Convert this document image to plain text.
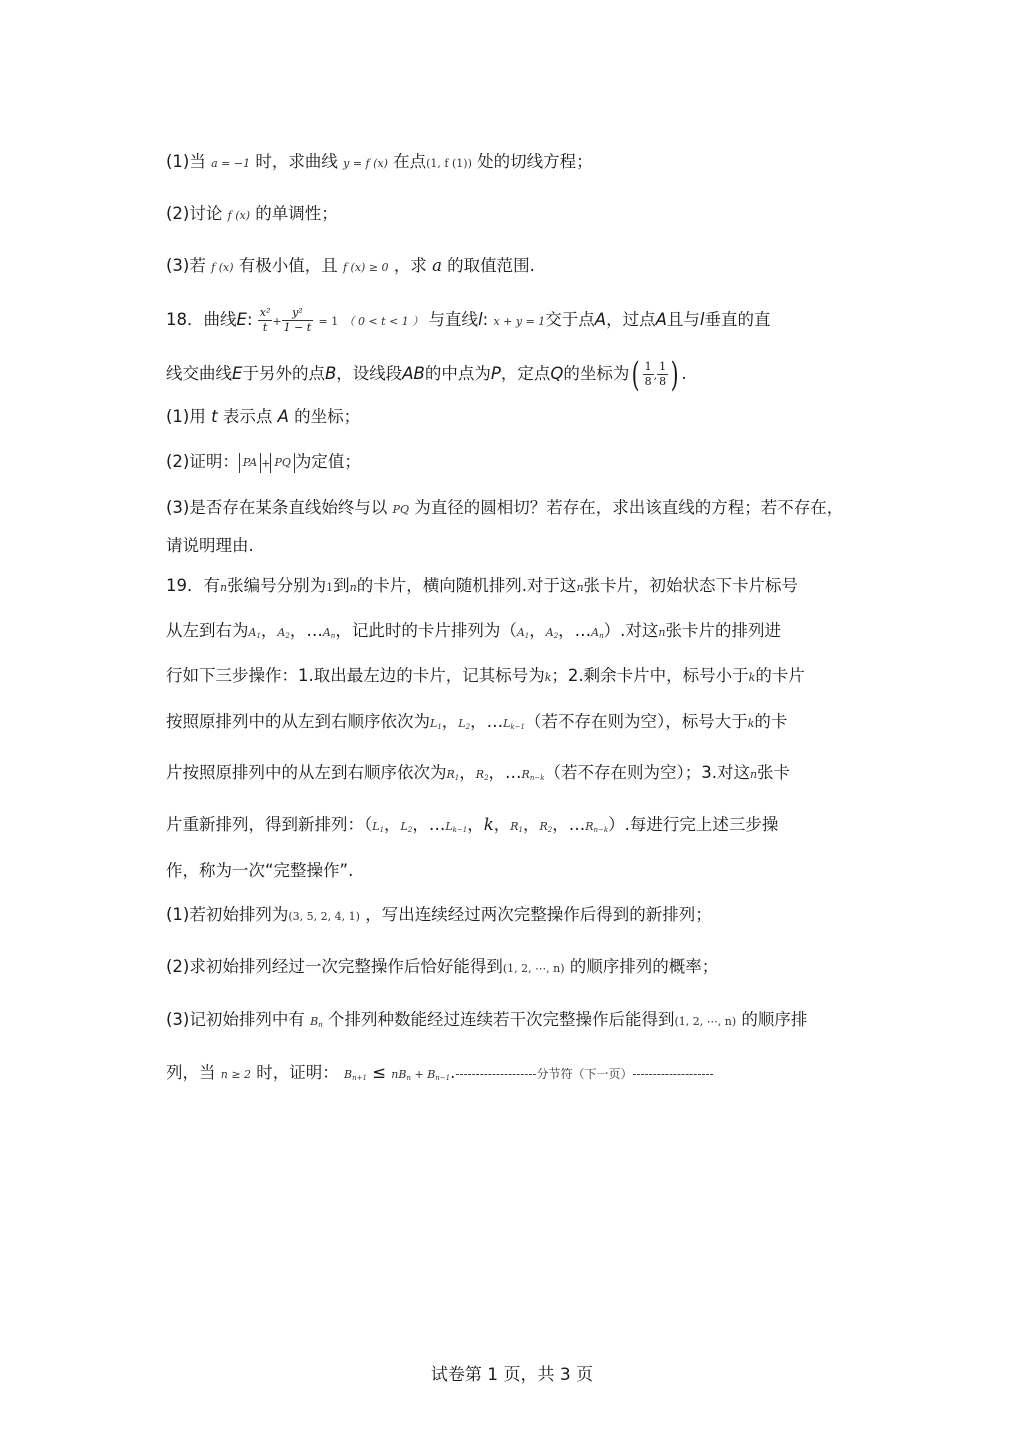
(1)当 a = −1 时，求曲线 y = f (x) 在点(1, f (1)) 处的切线方程；
(2)讨论 f (x) 的单调性；
(3)若 f (x) 有极小值，且 f (x) ≥ 0 ，求 a 的取值范围.
18．曲线E: $\frac{\text{x²}}{t} + \frac{\text{y²}}{1 - t} = 1$ （ 0 < t < 1 ） 与直线l: x + y = 1交于点A，过点A且与l垂直的直
线交曲线E于另外的点B，设线段AB的中点为P，定点Q的坐标为( $\frac{1}{8}$ , $\frac{1}{8}$ ) .
(1)用 t 表示点 A 的坐标；
(2)证明： PA + PQ 为定值；
(3)是否存在某条直线始终与以 PQ 为直径的圆相切？若存在，求出该直线的方程；若不存在，
请说明理由.
19．有n张编号分别为1到n的卡片，横向随机排列.对于这n张卡片，初始状态下卡片标号
从左到右为$A_1$，$A_2$，$\dots A_n$，记此时的卡片排列为（$A_1$，$A_2$，$\dots A_n$）.对这n张卡片的排列进
行如下三步操作：1.取出最左边的卡片，记其标号为k；2.剩余卡片中，标号小于k的卡片
按照原排列中的从左到右顺序依次为$L_1$，$L_2$，$\dots L_{k-1}$（若不存在则为空），标号大于k的卡
片按照原排列中的从左到右顺序依次为$R_1$，$R_2$，$\dots R_{n-k}$（若不存在则为空）；3.对这n张卡
片重新排列，得到新排列：（$L_1$，$L_2$，$\dots L_{k-1}$，k，$R_1$，$R_2$，$\dots R_{n-k}$）.每进行完上述三步操
作，称为一次“完整操作”.
(1)若初始排列为(3, 5, 2, 4, 1) ，写出连续经过两次完整操作后得到的新排列；
(2)求初始排列经过一次完整操作后恰好能得到(1, 2, ⋯, n) 的顺序排列的概率；
(3)记初始排列中有 $B_n$ 个排列种数能经过连续若干次完整操作后能得到(1, 2, ⋯, n) 的顺序排
列，当 n ≥ 2 时，证明： $B_{n+1} \le nB_n + B_{n-1}.--------------------$分节符（下一页）--------------------
试卷第 1 页，共 3 页
